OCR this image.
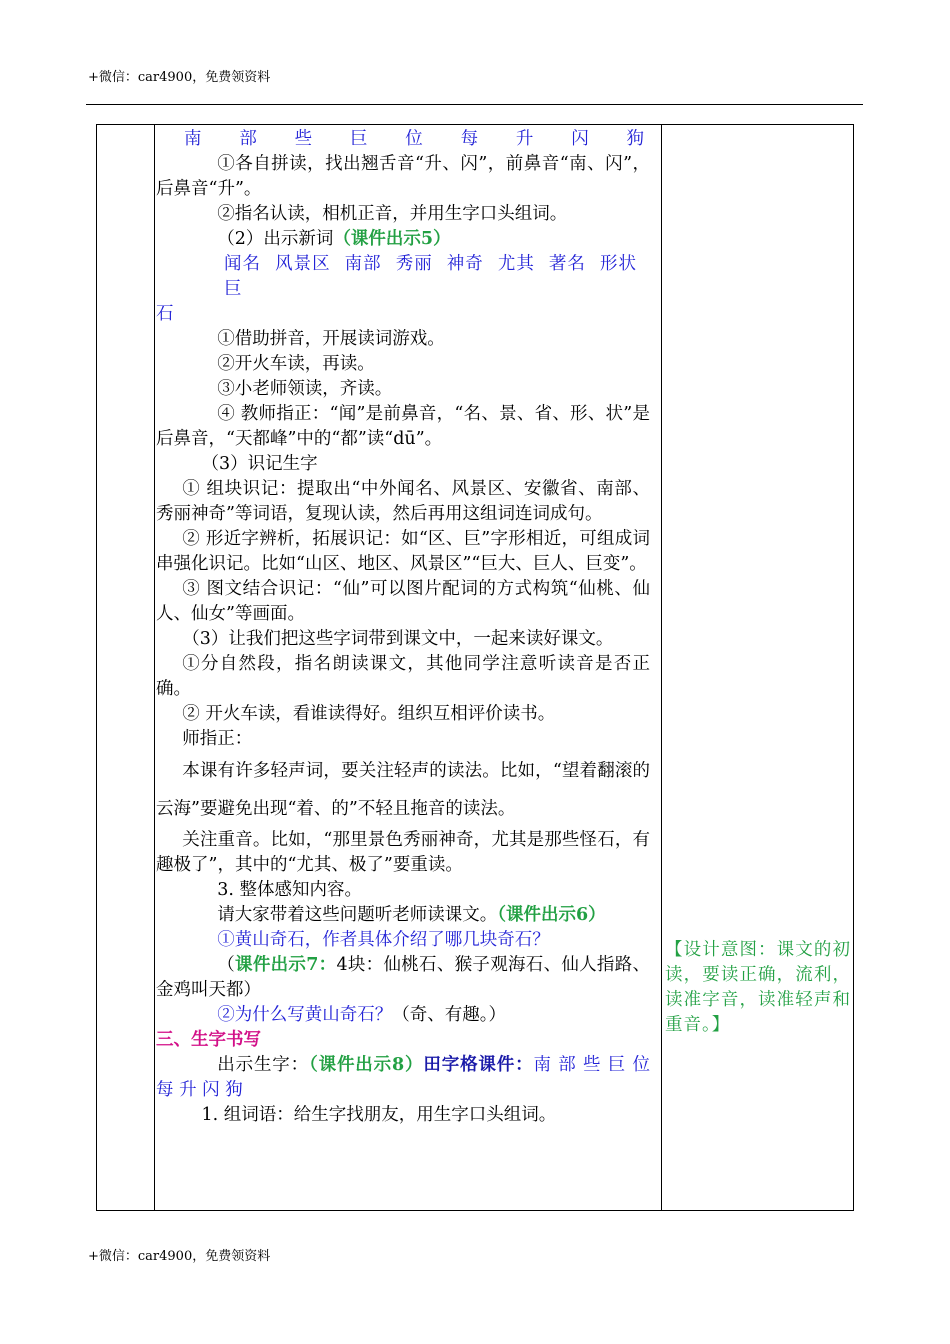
+微信：car4900，免费领资料

南 部 些 巨 位 每 升 闪 狗

①各自拼读，找出翘舌音“升、闪”，前鼻音“南、闪”，后鼻音“升”。

②指名认读，相机正音，并用生字口头组词。

（2）出示新词（课件出示5）

闻名 风景区 南部 秀丽 神奇 尤其 著名 形状巨

石

①借助拼音，开展读词游戏。

②开火车读，再读。

③小老师领读，齐读。

④ 教师指正：“闻”是前鼻音，“名、景、省、形、状”是后鼻音，“天都峰”中的“都”读“dū”。

（3）识记生字

① 组块识记：提取出“中外闻名、风景区、安徽省、南部、秀丽神奇”等词语，复现认读，然后再用这组词连词成句。

② 形近字辨析，拓展识记：如“区、巨”字形相近，可组成词串强化识记。比如“山区、地区、风景区”“巨大、巨人、巨变”。

③ 图文结合识记：“仙”可以图片配词的方式构筑“仙桃、仙人、仙女”等画面。

（3）让我们把这些字词带到课文中，一起来读好课文。

①分自然段，指名朗读课文，其他同学注意听读音是否正确。

② 开火车读，看谁读得好。组织互相评价读书。

师指正：

本课有许多轻声词，要关注轻声的读法。比如，“望着翻滚的云海”要避免出现“着、的”不轻且拖音的读法。

关注重音。比如，“那里景色秀丽神奇，尤其是那些怪石，有趣极了”，其中的“尤其、极了”要重读。

3. 整体感知内容。

请大家带着这些问题听老师读课文。（课件出示6）

①黄山奇石，作者具体介绍了哪几块奇石？

（课件出示7：4块：仙桃石、猴子观海石、仙人指路、金鸡叫天都）

②为什么写黄山奇石？（奇、有趣。）

三、生字书写

出示生字：（课件出示8）田字格课件：南 部 些 巨 位 每 升 闪 狗

1. 组词语：给生字找朋友，用生字口头组词。

【设计意图：课文的初读，要读正确，流利，读准字音，读准轻声和重音。】
+微信：car4900，免费领资料
